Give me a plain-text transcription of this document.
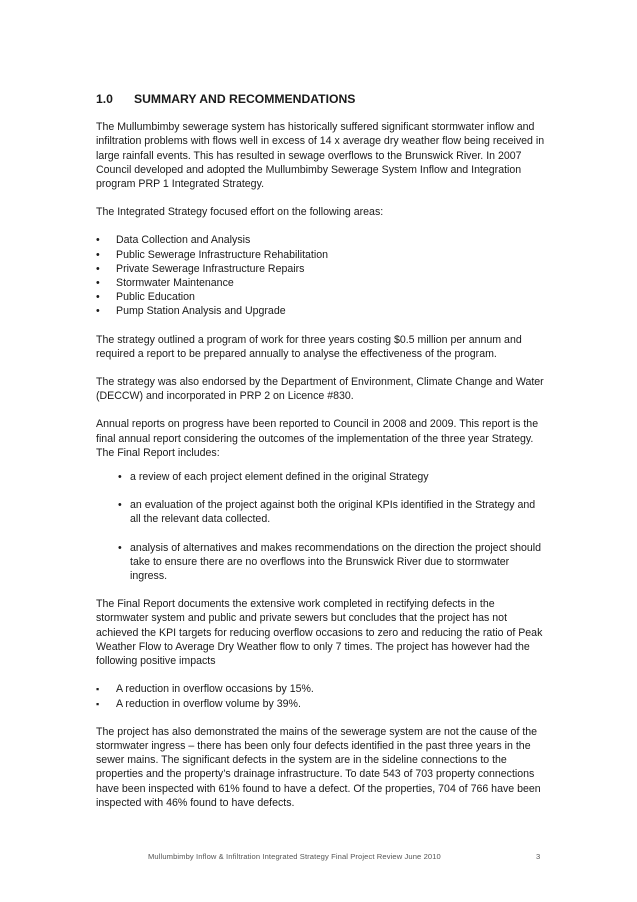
1.0	SUMMARY AND RECOMMENDATIONS

The Mullumbimby sewerage system has historically suffered significant stormwater inflow and infiltration problems with flows well in excess of 14 x average dry weather flow being received in large rainfall events. This has resulted in sewage overflows to the Brunswick River. In 2007 Council developed and adopted the Mullumbimby Sewerage System Inflow and Integration program PRP 1 Integrated Strategy.

The Integrated Strategy focused effort on the following areas:

• Data Collection and Analysis
• Public Sewerage Infrastructure Rehabilitation
• Private Sewerage Infrastructure Repairs
• Stormwater Maintenance
• Public Education
• Pump Station Analysis and Upgrade

The strategy outlined a program of work for three years costing $0.5 million per annum and required a report to be prepared annually to analyse the effectiveness of the program.

The strategy was also endorsed by the Department of Environment, Climate Change and Water (DECCW) and incorporated in PRP 2 on Licence #830.

Annual reports on progress have been reported to Council in 2008 and 2009. This report is the final annual report considering the outcomes of the implementation of the three year Strategy. The Final Report includes:

• a review of each project element defined in the original Strategy
• an evaluation of the project against both the original KPIs identified in the Strategy and all the relevant data collected.
• analysis of alternatives and makes recommendations on the direction the project should take to ensure there are no overflows into the Brunswick River due to stormwater ingress.

The Final Report documents the extensive work completed in rectifying defects in the stormwater system and public and private sewers but concludes that the project has not achieved the KPI targets for reducing overflow occasions to zero and reducing the ratio of Peak Weather Flow to Average Dry Weather flow to only 7 times. The project has however had the following positive impacts

▪ A reduction in overflow occasions by 15%.
▪ A reduction in overflow volume by 39%.

The project has also demonstrated the mains of the sewerage system are not the cause of the stormwater ingress – there has been only four defects identified in the past three years in the sewer mains. The significant defects in the system are in the sideline connections to the properties and the property’s drainage infrastructure. To date 543 of 703 property connections have been inspected with 61% found to have a defect. Of the properties, 704 of 766 have been inspected with 46% found to have defects.

Mullumbimby Inflow & Infiltration Integrated Strategy Final Project Review June 2010	3
